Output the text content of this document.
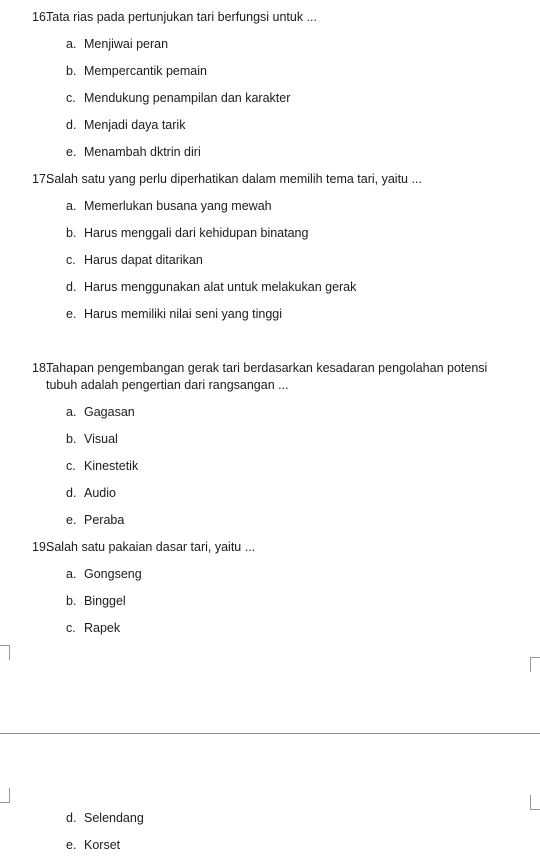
16.
Tata rias pada pertunjukan tari berfungsi untuk ...
a. Menjiwai peran
b. Mempercantik pemain
c. Mendukung penampilan dan karakter
d. Menjadi daya tarik
e. Menambah dktrin diri
17.
Salah satu yang perlu diperhatikan dalam memilih tema tari, yaitu ...
a. Memerlukan busana yang mewah
b. Harus menggali dari kehidupan binatang
c. Harus dapat ditarikan
d. Harus menggunakan alat untuk melakukan gerak
e. Harus memiliki nilai seni yang tinggi
18.
Tahapan pengembangan gerak tari berdasarkan kesadaran pengolahan potensi tubuh adalah pengertian dari rangsangan ...
a. Gagasan
b. Visual
c. Kinestetik
d. Audio
e. Peraba
19.
Salah satu pakaian dasar tari, yaitu ...
a. Gongseng
b. Binggel
c. Rapek
d. Selendang
e. Korset
